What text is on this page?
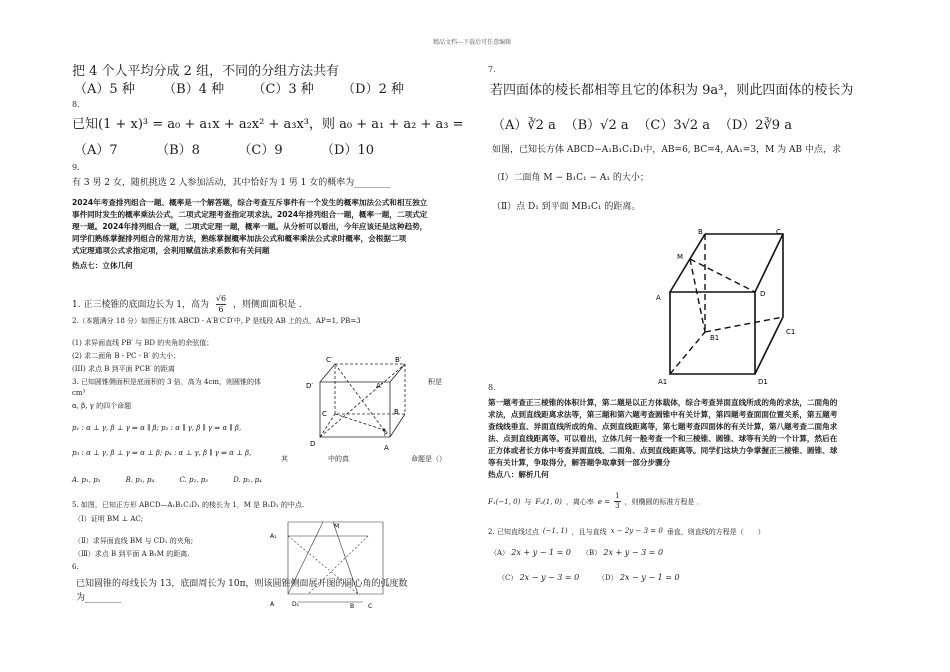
精品文档---下载后可任意编辑
把 4 个人平均分成 2 组，不同的分组方法共有
（A）5 种 （B）4 种 （C）3 种 （D）2 种
8.
已知(1 + x)³ = a₀ + a₁x + a₂x² + a₃x³，则 a₀ + a₁ + a₂ + a₃ =
（A）7	（B）8	（C）9	（D）10
9.
有 3 男 2 女，随机挑选 2 人参加活动，其中恰好为 1 男 1 女的概率为________
2024年考查排列组合一题、概率是一个解答题，综合考查互斥事件有一个发生的概率加法公式和相互独立
事件同时发生的概率乘法公式，二项式定理考查指定项求法。2024年排列组合一题，概率一题，二项式定
理一题。2024年排列组合一题，二项式定理一题，概率一题。从分析可以看出，今年应该还是这种趋势，
同学们熟练掌握排列组合的常用方法，熟练掌握概率加法公式和概率乘法公式求时概率，会根据二项
式定理通项公式求指定项，会利用赋值法求系数和有关问题
热点七：立体几何
1. 正三棱锥的底面边长为 1，高为 $\frac{√6}{6}$ ，则侧面面积是 ．
2.（本题满分 18 分）如图正方体 ABCD - A′B′C′D′中, P 是线段 AB 上的点，AP=1, PB=3
(1) 求异面直线 PB′ 与 BD 的夹角的余弦值；
(2) 求二面角 B - PC - B′ 的大小；
(III) 求点 B 到平面 PCB′ 的距离
3. 已知圆锥侧面积是底面积的 3 倍，高为 4cm，则圆锥的体	积是
cm³
α, β, γ 的四个命题
p₁ : α ⊥ γ, β ⊥ γ ⇒ α ∥ β; p₂ : α ∥ γ, β ∥ γ ⇒ α ∥ β,
p₃ : α ⊥ γ, β ⊥ γ ⇒ α ⊥ β; p₄ : α ⊥ γ, β ∥ γ ⇒ α ⊥ β,
其	中的真	命题是（）
A. p₁, p₃	B. p₁, p₄	C. p₂, p₃	D. p₂, p₄
5. 如图，已知正方形 ABCD—A₁B₁C₁D₁ 的棱长为 1，M 是 B₁D₁ 的中点.
（Ⅰ）证明 BM ⊥ AC;
（Ⅱ）求异面直线 BM 与 CD₁ 的夹角;
（Ⅲ）求点 B 到平面 A B₁M 的距离.
6.
已知圆锥的母线长为 13，底面周长为 10π，则该圆锥侧面展开图的圆心角的弧度数
为________
C′	B′
D′	A′
C	B
P
D	A
A₁
M
A	D₁	B C
7.
若四面体的棱长都相等且它的体积为 9a³，则此四面体的棱长为
（A）∛2 a （B）√2 a （C）3√2 a （D）2∛9 a
如图，已知长方体 ABCD−A₁B₁C₁D₁中，AB=6, BC=4, AA₁=3，M 为 AB 中点，求
（Ⅰ）二面角 M − B₁C₁ − A₁ 的大小；
（Ⅱ）点 D₁ 到平面 MB₁C₁ 的距离。
B	C
M
A	D
B1
C1
A1	D1
8.
第一题考查正三棱锥的体积计算，第二题是以正方体载体，综合考查异面直线所成的角的求法，二面角的
求法，点到直线距离求法等，第三题和第六题考查圆锥中有关计算，第四题考查面面位置关系，第五题考
查线线垂直、异面直线所成的角、点到直线距离等，第七题考查四面体的有关计算，第八题考查二面角求
法、点到直线距离等。可以看出，立体几何一般考查一个和三棱锥、圆锥、球等有关的一个计算，然后在
正方体或者长方体中考查异面直线、二面角、点到直线距离等。同学们这块力争掌握正三棱锥、圆锥、球
等有关计算，争取得分，解答题争取拿到一部分步骤分
热点八：解析几何
F₁(−1, 0) 与 F₂(1, 0) ，离心率 $e = \frac{1}{3}$ ，则椭圆的标准方程是 ．
2. 已知直线过点 (−1, 1) ，且与直线 x − 2y − 3 = 0 垂直，则直线的方程是（　　）
（A） 2x + y − 1 = 0 （B） 2x + y − 3 = 0
（C） 2x − y − 3 = 0	（D） 2x − y − 1 = 0
